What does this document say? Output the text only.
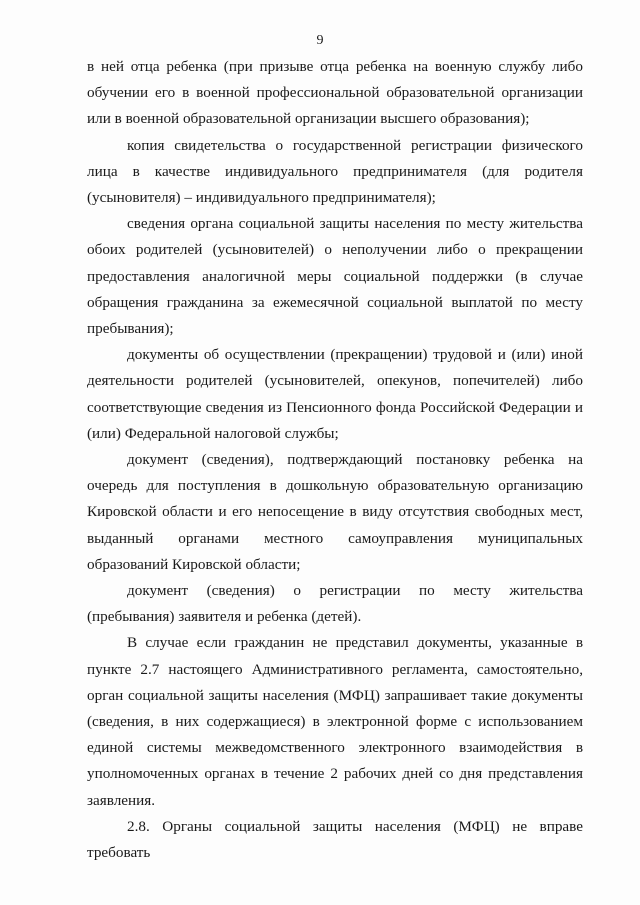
9

в ней отца ребенка (при призыве отца ребенка на военную службу либо обучении его в военной профессиональной образовательной организации или в военной образовательной организации высшего образования);

копия свидетельства о государственной регистрации физического лица в качестве индивидуального предпринимателя (для родителя (усыновителя) – индивидуального предпринимателя);

сведения органа социальной защиты населения по месту жительства обоих родителей (усыновителей) о неполучении либо о прекращении предоставления аналогичной меры социальной поддержки (в случае обращения гражданина за ежемесячной социальной выплатой по месту пребывания);

документы об осуществлении (прекращении) трудовой и (или) иной деятельности родителей (усыновителей, опекунов, попечителей) либо соответствующие сведения из Пенсионного фонда Российской Федерации и (или) Федеральной налоговой службы;

документ (сведения), подтверждающий постановку ребенка на очередь для поступления в дошкольную образовательную организацию Кировской области и его непосещение в виду отсутствия свободных мест, выданный органами местного самоуправления муниципальных образований Кировской области;

документ (сведения) о регистрации по месту жительства (пребывания) заявителя и ребенка (детей).

В случае если гражданин не представил документы, указанные в пункте 2.7 настоящего Административного регламента, самостоятельно, орган социальной защиты населения (МФЦ) запрашивает такие документы (сведения, в них содержащиеся) в электронной форме с использованием единой системы межведомственного электронного взаимодействия в уполномоченных органах в течение 2 рабочих дней со дня представления заявления.

2.8. Органы социальной защиты населения (МФЦ) не вправе требовать
